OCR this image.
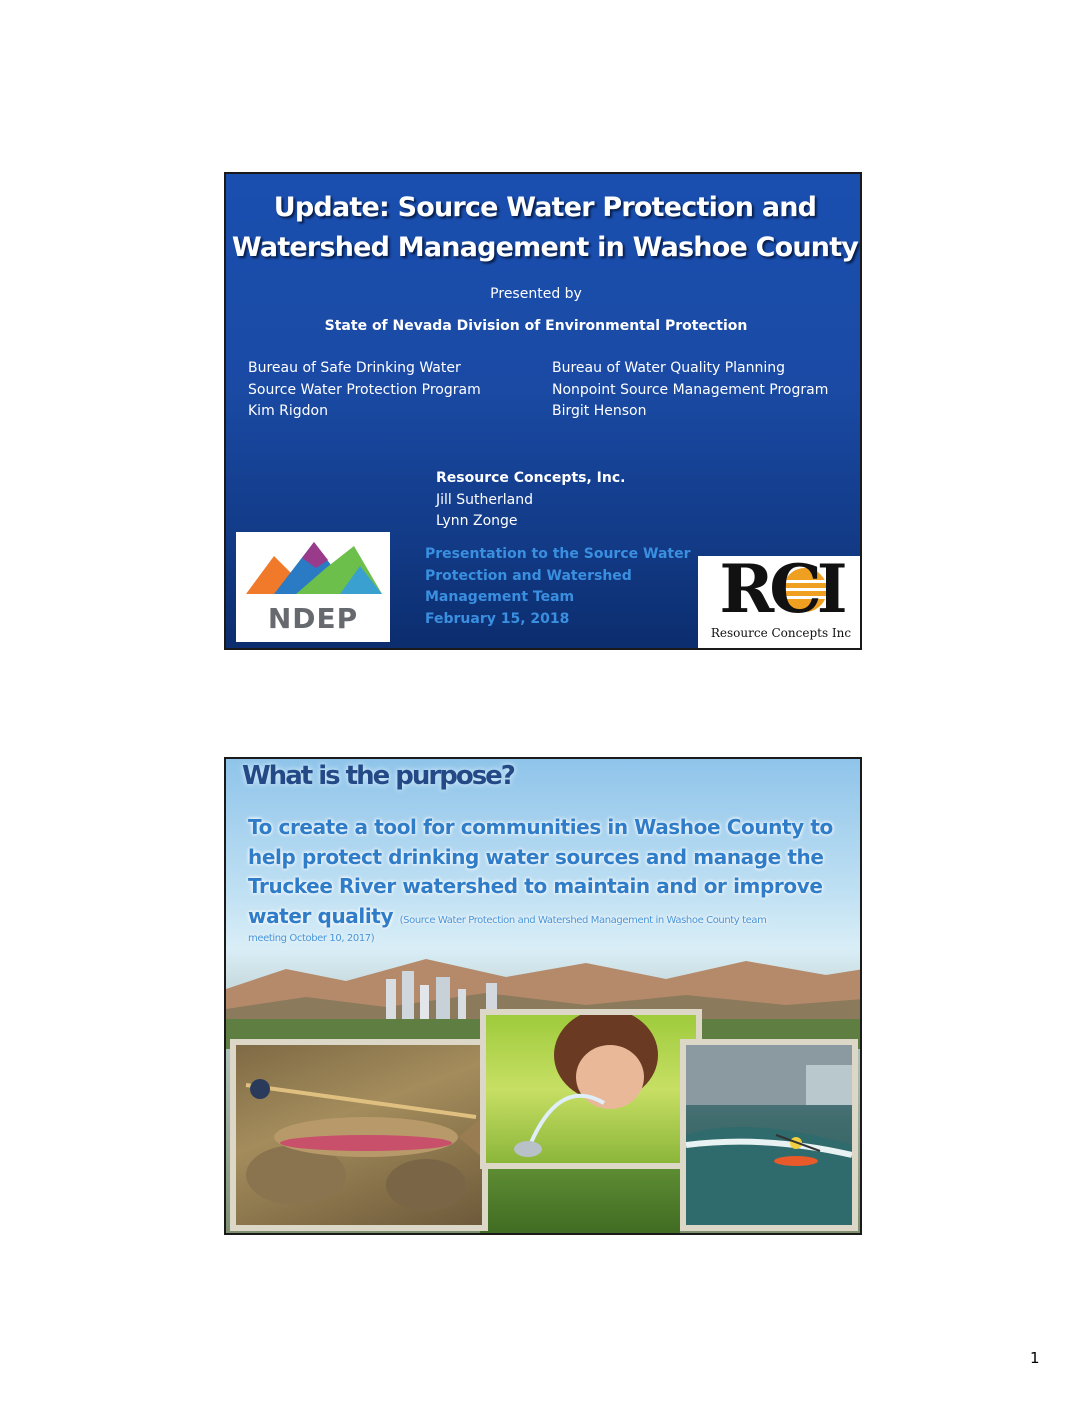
Update: Source Water Protection and
Watershed Management in Washoe County
Presented by
State of Nevada Division of Environmental Protection
Bureau of Safe Drinking Water
Source Water Protection Program
Kim Rigdon
Bureau of Water Quality Planning
Nonpoint Source Management Program
Birgit Henson
Resource Concepts, Inc.
Jill Sutherland
Lynn Zonge
NDEP
Presentation to the Source Water
Protection and Watershed
Management Team
February 15, 2018	RCI
Resource Concepts Inc
What is the purpose?
To create a tool for communities in Washoe County to
help protect drinking water sources and manage the
Truckee River watershed to maintain and or improve
water quality (Source Water Protection and Watershed Management in Washoe County team
meeting October 10, 2017)
1
